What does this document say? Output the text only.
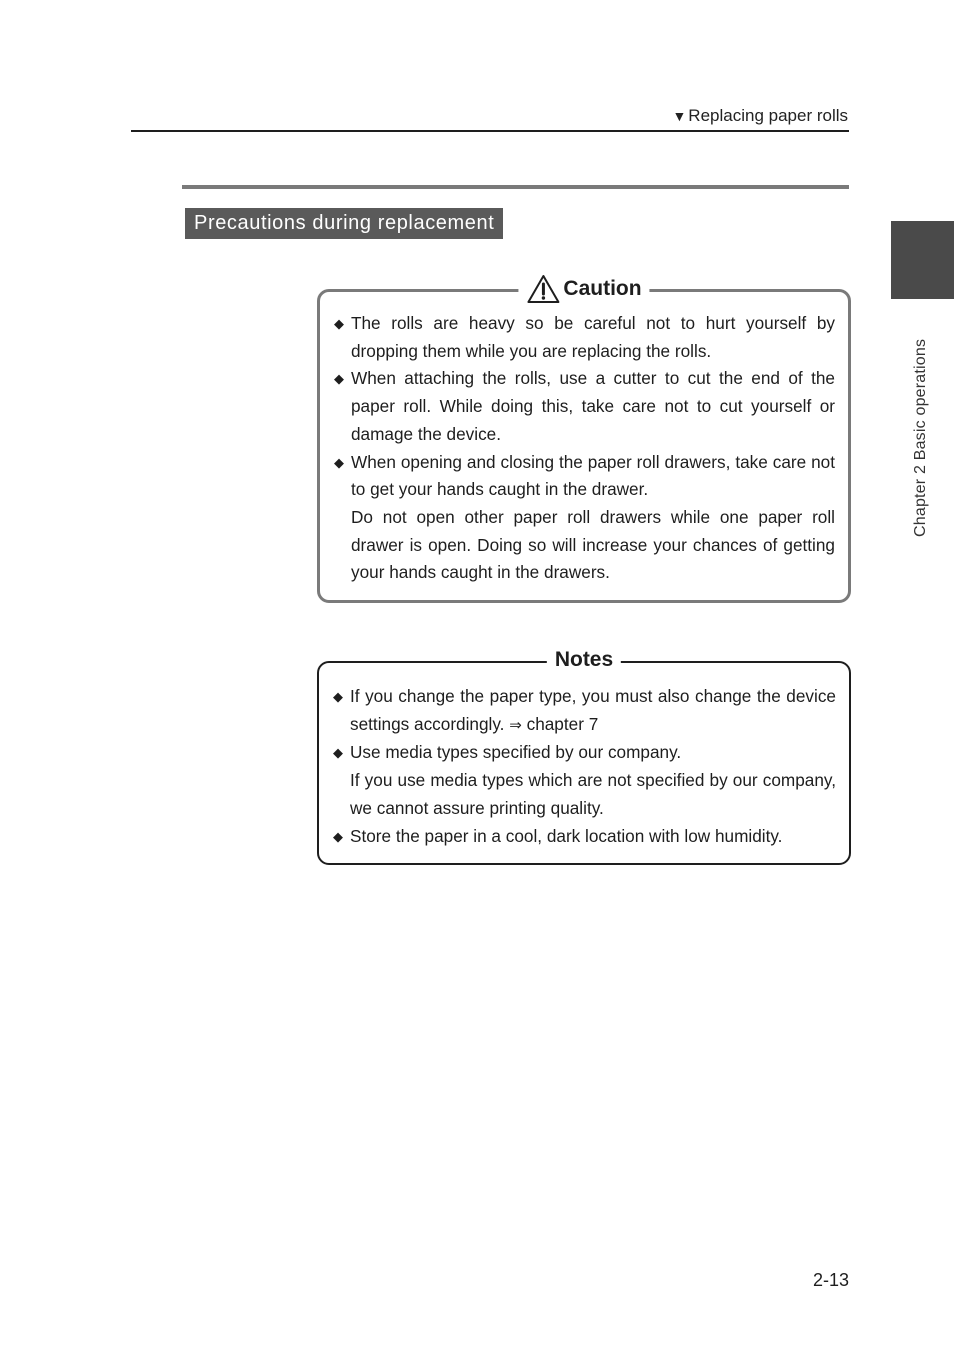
▼ Replacing paper rolls
Precautions during replacement
Chapter 2 Basic operations
Caution
◆ The rolls are heavy so be careful not to hurt yourself by dropping them while you are replacing the rolls.

◆ When attaching the rolls, use a cutter to cut the end of the paper roll. While doing this, take care not to cut yourself or damage the device.

◆ When opening and closing the paper roll drawers, take care not to get your hands caught in the drawer.

Do not open other paper roll drawers while one paper roll drawer is open. Doing so will increase your chances of getting your hands caught in the drawers.

Notes
◆ If you change the paper type, you must also change the device settings accordingly. ⇒ chapter 7

◆ Use media types specified by our company.

If you use media types which are not specified by our company, we cannot assure printing quality.

◆ Store the paper in a cool, dark location with low humidity.

2-13
